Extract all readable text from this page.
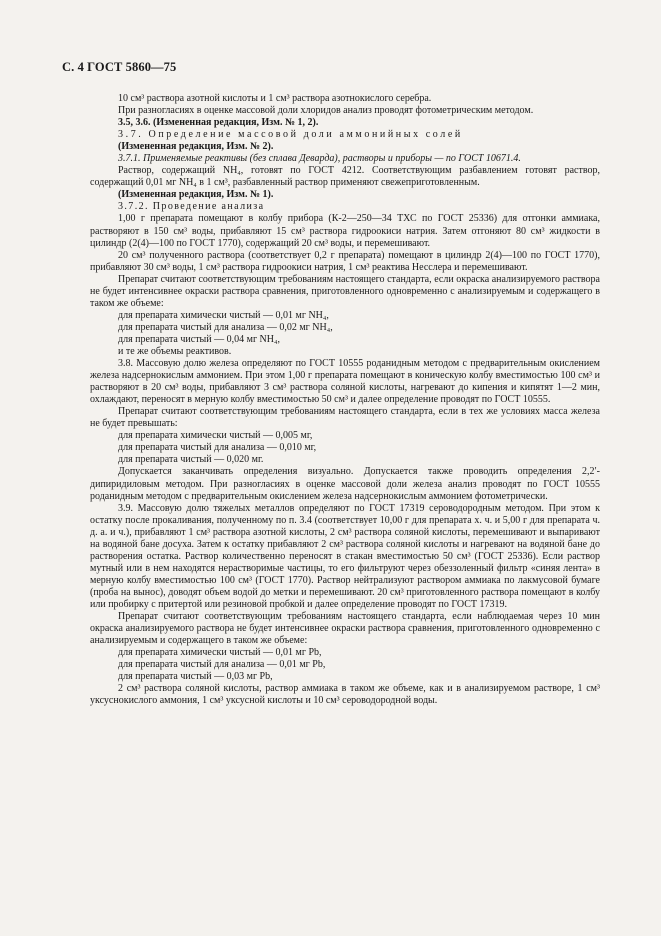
С. 4 ГОСТ 5860—75

10 см³ раствора азотной кислоты и 1 см³ раствора азотнокислого серебра.

При разногласиях в оценке массовой доли хлоридов анализ проводят фотометрическим методом.

3.5, 3.6. (Измененная редакция, Изм. № 1, 2).

3.7. Определение массовой доли аммонийных солей

(Измененная редакция, Изм. № 2).

3.7.1. Применяемые реактивы (без сплава Деварда), растворы и приборы — по ГОСТ 10671.4.

Раствор, содержащий NH₄, готовят по ГОСТ 4212. Соответствующим разбавлением готовят раствор, содержащий 0,01 мг NH₄ в 1 см³, разбавленный раствор применяют свежеприготовленным.

(Измененная редакция, Изм. № 1).

3.7.2. Проведение анализа

1,00 г препарата помещают в колбу прибора (К-2—250—34 ТХС по ГОСТ 25336) для отгонки аммиака, растворяют в 150 см³ воды, прибавляют 15 см³ раствора гидроокиси натрия. Затем отгоняют 80 см³ жидкости в цилиндр (2(4)—100 по ГОСТ 1770), содержащий 20 см³ воды, и перемешивают.

20 см³ полученного раствора (соответствует 0,2 г препарата) помещают в цилиндр 2(4)—100 по ГОСТ 1770), прибавляют 30 см³ воды, 1 см³ раствора гидроокиси натрия, 1 см³ реактива Несслера и перемешивают.

Препарат считают соответствующим требованиям настоящего стандарта, если окраска анализируемого раствора не будет интенсивнее окраски раствора сравнения, приготовленного одновременно с анализируемым и содержащего в таком же объеме:

для препарата химически чистый — 0,01 мг NH₄,

для препарата чистый для анализа — 0,02 мг NH₄,

для препарата чистый — 0,04 мг NH₄,

и те же объемы реактивов.

3.8. Массовую долю железа определяют по ГОСТ 10555 роданидным методом с предварительным окислением железа надсернокислым аммонием. При этом 1,00 г препарата помещают в коническую колбу вместимостью 100 см³ и растворяют в 20 см³ воды, прибавляют 3 см³ раствора соляной кислоты, нагревают до кипения и кипятят 1—2 мин, охлаждают, переносят в мерную колбу вместимостью 50 см³ и далее определение проводят по ГОСТ 10555.

Препарат считают соответствующим требованиям настоящего стандарта, если в тех же условиях масса железа не будет превышать:

для препарата химически чистый — 0,005 мг,

для препарата чистый для анализа — 0,010 мг,

для препарата чистый — 0,020 мг.

Допускается заканчивать определения визуально. Допускается также проводить определения 2,2′- дипиридиловым методом. При разногласиях в оценке массовой доли железа анализ проводят по ГОСТ 10555 роданидным методом с предварительным окислением железа надсернокислым аммонием фотометрически.

3.9. Массовую долю тяжелых металлов определяют по ГОСТ 17319 сероводородным методом. При этом к остатку после прокаливания, полученному по п. 3.4 (соответствует 10,00 г для препарата х. ч. и 5,00 г для препарата ч. д. а. и ч.), прибавляют 1 см³ раствора азотной кислоты, 2 см³ раствора соляной кислоты, перемешивают и выпаривают на водяной бане досуха. Затем к остатку прибавляют 2 см³ раствора соляной кислоты и нагревают на водяной бане до растворения остатка. Раствор количественно переносят в стакан вместимостью 50 см³ (ГОСТ 25336). Если раствор мутный или в нем находятся нерастворимые частицы, то его фильтруют через обеззоленный фильтр «синяя лента» в мерную колбу вместимостью 100 см³ (ГОСТ 1770). Раствор нейтрализуют раствором аммиака по лакмусовой бумаге (проба на вынос), доводят объем водой до метки и перемешивают. 20 см³ приготовленного раствора помещают в колбу или пробирку с притертой или резиновой пробкой и далее определение проводят по ГОСТ 17319.

Препарат считают соответствующим требованиям настоящего стандарта, если наблюдаемая через 10 мин окраска анализируемого раствора не будет интенсивнее окраски раствора сравнения, приготовленного одновременно с анализируемым и содержащего в таком же объеме:

для препарата химически чистый — 0,01 мг Pb,

для препарата чистый для анализа — 0,01 мг Pb,

для препарата чистый — 0,03 мг Pb,

2 см³ раствора соляной кислоты, раствор аммиака в таком же объеме, как и в анализируемом растворе, 1 см³ уксуснокислого аммония, 1 см³ уксусной кислоты и 10 см³ сероводородной воды.
